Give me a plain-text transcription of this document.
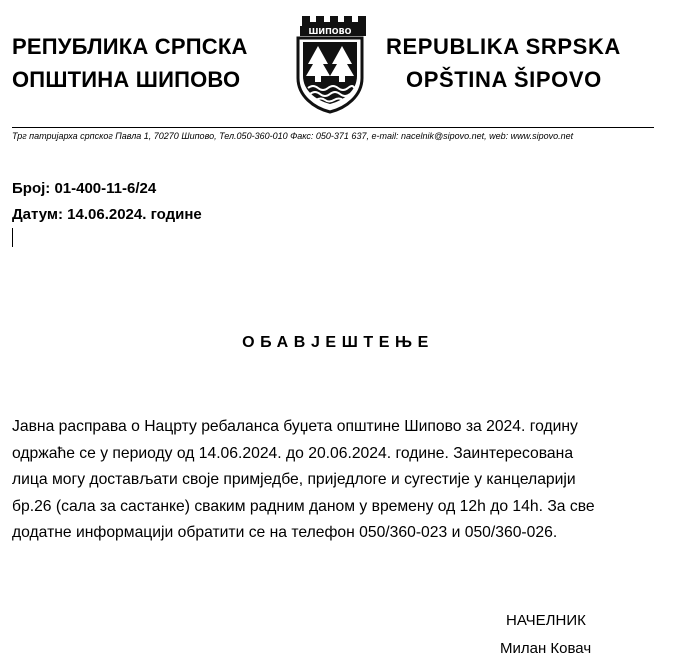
РЕПУБЛИКА СРПСКА
ОПШТИНА ШИПОВО
ШИПОВО
REPUBLIKA SRPSKA
OPŠTINA ŠIPOVO
Трг патријарха српског Павла 1, 70270 Шипово, Тел.050-360-010 Факс: 050-371 637, e-mail: nacelnik@sipovo.net, web: www.sipovo.net
Број: 01-400-11-6/24
Датум: 14.06.2024. године
ОБАВЈЕШТЕЊЕ
Јавна расправа о Нацрту ребаланса буџета општине Шипово за 2024. годину
одржаће се у периоду од 14.06.2024. до 20.06.2024. године. Заинтересована
лица могу достављати своје примједбе, приједлоге и сугестије у канцеларији
бр.26 (сала за састанке) сваким радним даном у времену од 12h до 14h. За све
додатне информацији обратити се на телефон 050/360-023 и 050/360-026.
НАЧЕЛНИК
Милан Ковач
